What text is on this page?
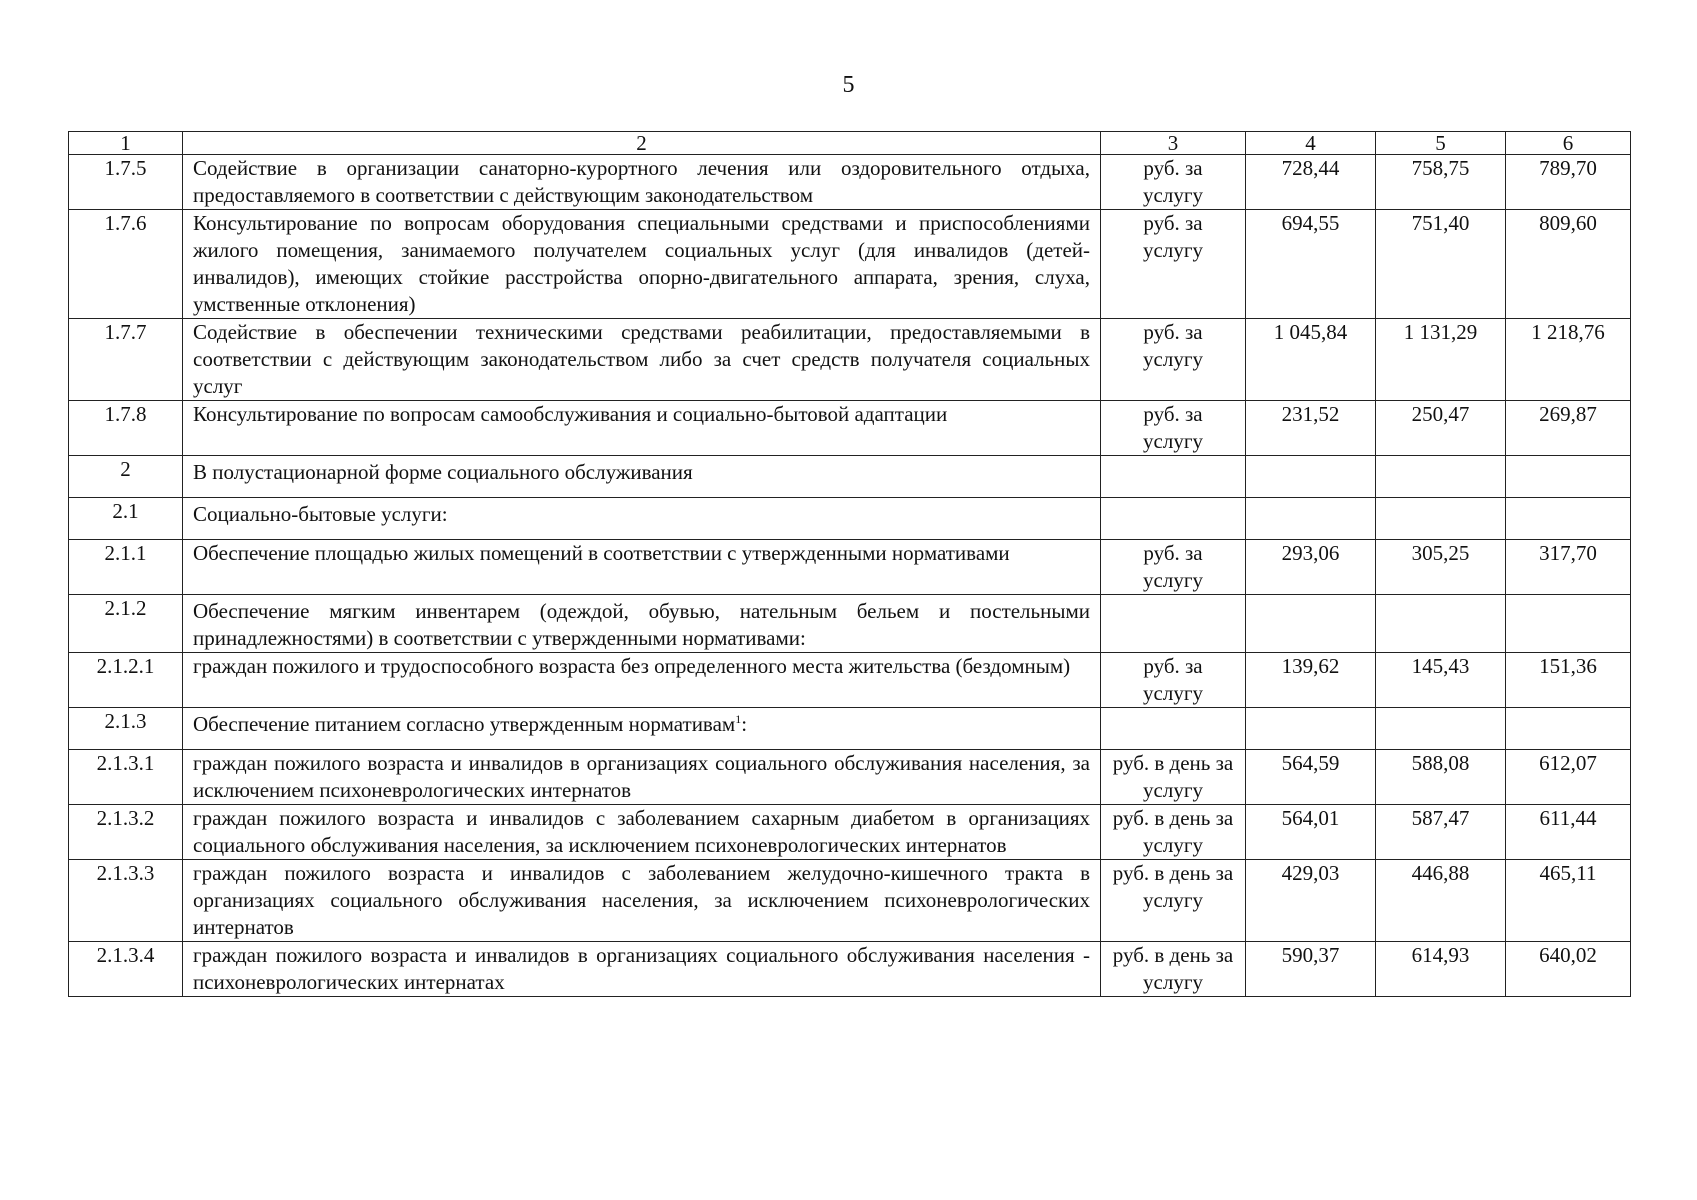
5
1	2	3	4	5	6
1.7.5	Содействие в организации санаторно-курортного лечения или оздоровительного отдыха, предоставляемого в соответствии с действующим законодательством	руб. за услугу	728,44	758,75	789,70
1.7.6	Консультирование по вопросам оборудования специальными средствами и приспособлениями жилого помещения, занимаемого получателем социальных услуг (для инвалидов (детей-инвалидов), имеющих стойкие расстройства опорно-двигательного аппарата, зрения, слуха, умственные отклонения)	руб. за услугу	694,55	751,40	809,60
1.7.7	Содействие в обеспечении техническими средствами реабилитации, предоставляемыми в соответствии с действующим законодательством либо за счет средств получателя социальных услуг	руб. за услугу	1 045,84	1 131,29	1 218,76
1.7.8	Консультирование по вопросам самообслуживания и социально-бытовой адаптации	руб. за услугу	231,52	250,47	269,87
2	В полустационарной форме социального обслуживания				
2.1	Социально-бытовые услуги:				
2.1.1	Обеспечение площадью жилых помещений в соответствии с утвержденными нормативами	руб. за услугу	293,06	305,25	317,70
2.1.2	Обеспечение мягким инвентарем (одеждой, обувью, нательным бельем и постельными принадлежностями) в соответствии с утвержденными нормативами:				
2.1.2.1	граждан пожилого и трудоспособного возраста без определенного места жительства (бездомным)	руб. за услугу	139,62	145,43	151,36
2.1.3	Обеспечение питанием согласно утвержденным нормативам$^1$:				
2.1.3.1	граждан пожилого возраста и инвалидов в организациях социального обслуживания населения, за исключением психоневрологических интернатов	руб. в день за услугу	564,59	588,08	612,07
2.1.3.2	граждан пожилого возраста и инвалидов с заболеванием сахарным диабетом в организациях социального обслуживания населения, за исключением психоневрологических интернатов	руб. в день за услугу	564,01	587,47	611,44
2.1.3.3	граждан пожилого возраста и инвалидов с заболеванием желудочно-кишечного тракта в организациях социального обслуживания населения, за исключением психоневрологических интернатов	руб. в день за услугу	429,03	446,88	465,11
2.1.3.4	граждан пожилого возраста и инвалидов в организациях социального обслуживания населения - психоневрологических интернатах	руб. в день за услугу	590,37	614,93	640,02
